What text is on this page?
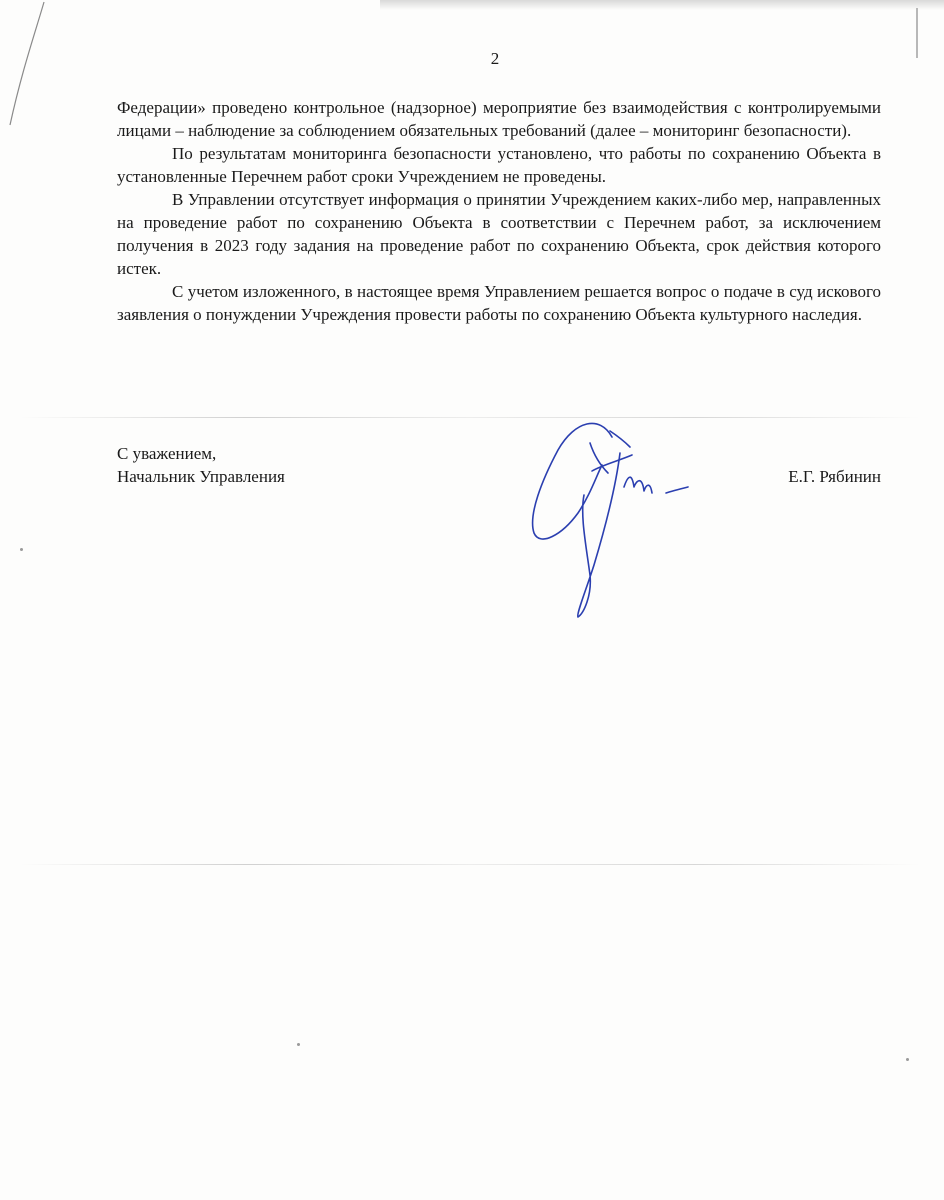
2

Федерации» проведено контрольное (надзорное) мероприятие без взаимодействия с контролируемыми лицами – наблюдение за соблюдением обязательных требований (далее – мониторинг безопасности).

По результатам мониторинга безопасности установлено, что работы по сохранению Объекта в установленные Перечнем работ сроки Учреждением не проведены.

В Управлении отсутствует информация о принятии Учреждением каких-либо мер, направленных на проведение работ по сохранению Объекта в соответствии с Перечнем работ, за исключением получения в 2023 году задания на проведение работ по сохранению Объекта, срок действия которого истек.

С учетом изложенного, в настоящее время Управлением решается вопрос о подаче в суд искового заявления о понуждении Учреждения провести работы по сохранению Объекта культурного наследия.

С уважением,
Начальник Управления	Е.Г. Рябинин
